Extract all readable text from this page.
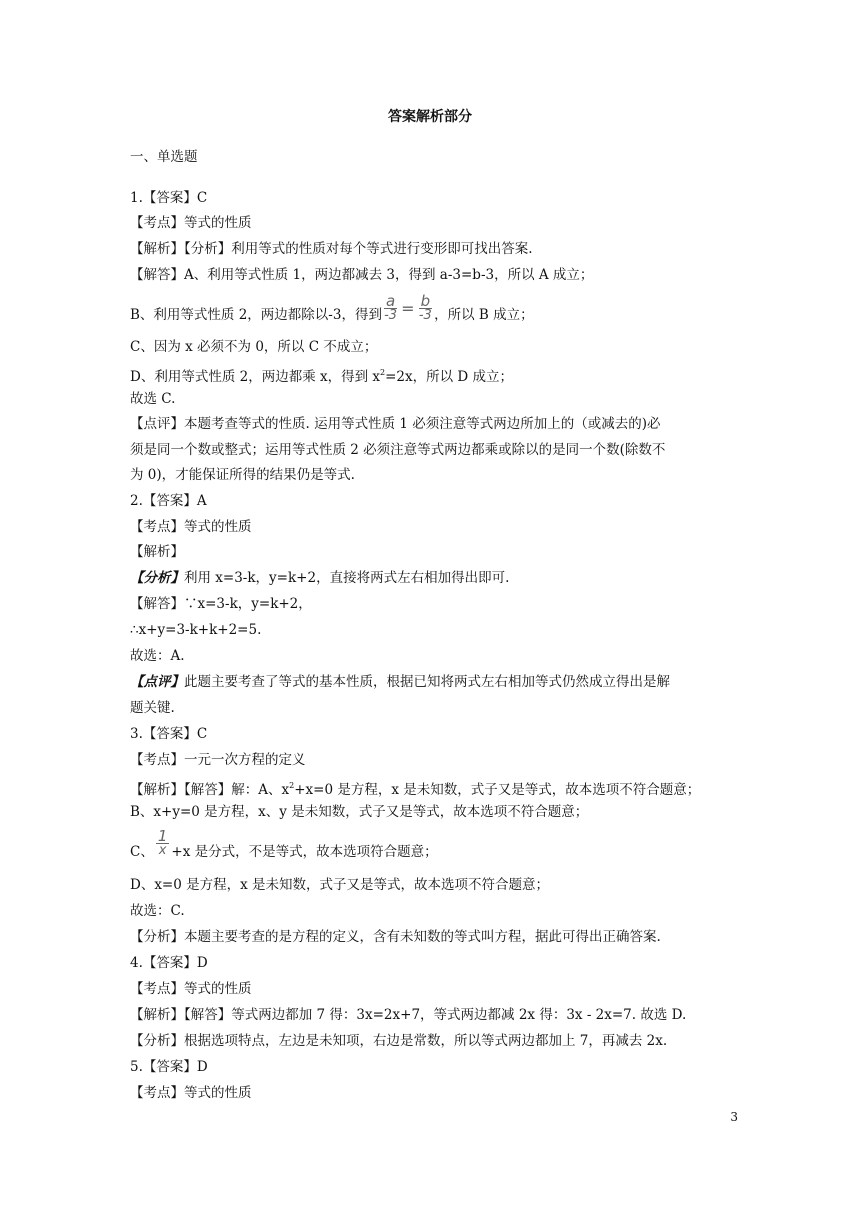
答案解析部分
一、单选题
1.【答案】C
【考点】等式的性质
【解析】【分析】利用等式的性质对每个等式进行变形即可找出答案.
【解答】A、利用等式性质 1，两边都减去 3，得到 a-3=b-3，所以 A 成立；
B、利用等式性质 2，两边都除以-3，得到 $\frac{a}{-3} = \frac{b}{-3}$ ，所以 B 成立；
C、因为 x 必须不为 0，所以 C 不成立；
D、利用等式性质 2，两边都乘 x，得到 $x^2=2x$，所以 D 成立；
故选 C.
【点评】本题考查等式的性质. 运用等式性质 1 必须注意等式两边所加上的（或减去的)必
须是同一个数或整式；运用等式性质 2 必须注意等式两边都乘或除以的是同一个数(除数不
为 0)，才能保证所得的结果仍是等式.
2.【答案】A
【考点】等式的性质
【解析】
【分析】利用 x=3-k，y=k+2，直接将两式左右相加得出即可.
【解答】∵x=3-k，y=k+2，
∴x+y=3-k+k+2=5.
故选：A.
【点评】此题主要考查了等式的基本性质，根据已知将两式左右相加等式仍然成立得出是解
题关键.
3.【答案】C
【考点】一元一次方程的定义
【解析】【解答】解：A、$x^2+x=0$ 是方程，x 是未知数，式子又是等式，故本选项不符合题意；
B、x+y=0 是方程，x、y 是未知数，式子又是等式，故本选项不符合题意；
C、 $\frac{1}{x} +x$ 是分式，不是等式，故本选项符合题意；
D、x=0 是方程，x 是未知数，式子又是等式，故本选项不符合题意；
故选：C.
【分析】本题主要考查的是方程的定义，含有未知数的等式叫方程，据此可得出正确答案.
4.【答案】D
【考点】等式的性质
【解析】【解答】等式两边都加 7 得：3x=2x+7，等式两边都减 2x 得：3x - 2x=7. 故选 D.
【分析】根据选项特点，左边是未知项，右边是常数，所以等式两边都加上 7，再减去 2x.
5.【答案】D
【考点】等式的性质
3
